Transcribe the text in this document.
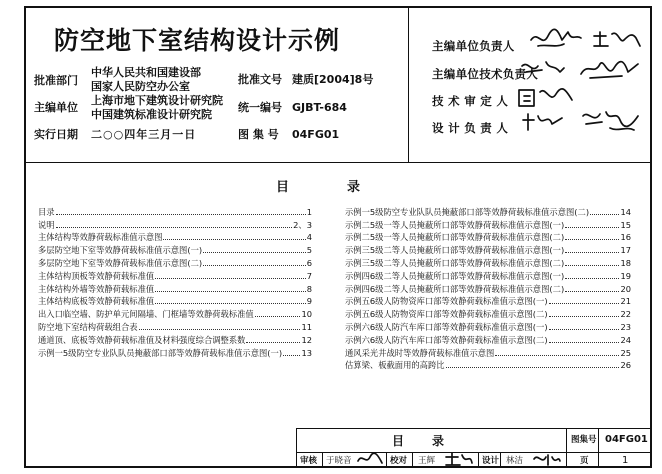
防空地下室结构设计示例
批准部门
中华人民共和国建设部
国家人民防空办公室
批准文号 建质[2004]8号
主编单位
上海市地下建筑设计研究院
中国建筑标准设计研究院
统一编号 GJBT-684
实行日期 二○○四年三月一日	图 集 号 04FG01
主编单位负责人
主编单位技术负责人
技 术 审 定 人
设 计 负 责 人
目录
目录	1
说明	2、3
主体结构等效静荷载标准值示意图	4
多层防空地下室等效静荷载标准值示意图(一)	5
多层防空地下室等效静荷载标准值示意图(二)	6
主体结构顶板等效静荷载标准值	7
主体结构外墙等效静荷载标准值	8
主体结构底板等效静荷载标准值	9
出入口临空墙、防护单元间隔墙、门框墙等效静荷载标准值	10
防空地下室结构荷载组合表	11
通道顶、底板等效静荷载标准值及材料强度综合调整系数	12
示例一5级防空专业队队员掩蔽部口部等效静荷载标准值示意图(一) 13
示例一5级防空专业队队员掩蔽部口部等效静荷载标准值示意图(二)	14
示例二5级一等人员掩蔽所口部等效静荷载标准值示意图(一)	15
示例二5级一等人员掩蔽所口部等效静荷载标准值示意图(二)	16
示例三5级二等人员掩蔽所口部等效静荷载标准值示意图(一)	17
示例三5级二等人员掩蔽所口部等效静荷载标准值示意图(二)	18
示例四6级二等人员掩蔽所口部等效静荷载标准值示意图(一)	19
示例四6级二等人员掩蔽所口部等效静荷载标准值示意图(二)	20
示例五6级人防物资库口部等效静荷载标准值示意图(一)	21
示例五6级人防物资库口部等效静荷载标准值示意图(二)	22
示例六6级人防汽车库口部等效静荷载标准值示意图(一)	23
示例六6级人防汽车库口部等效静荷载标准值示意图(二)	24
通风采光井战时等效静荷载标准值示意图	25
估算梁、板截面用的高跨比	26
目录	图集号 04FG01
审核 于晓音	校对 王辉	设计 林洁	页	1
